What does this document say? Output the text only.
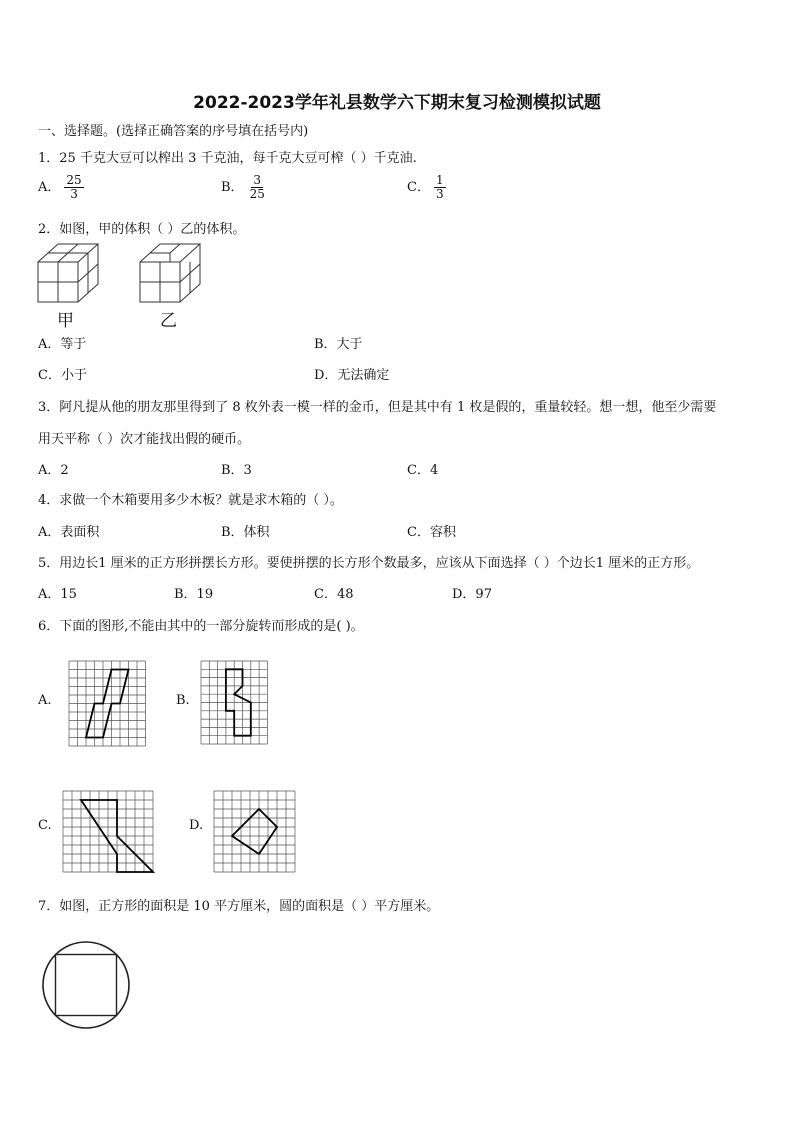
2022-2023学年礼县数学六下期末复习检测模拟试题
一、选择题。(选择正确答案的序号填在括号内)
1．25 千克大豆可以榨出 3 千克油，每千克大豆可榨（ ）千克油.
A． $\frac{25}{3}$	B． $\frac{3}{25}$	C． $\frac{1}{3}$
2．如图，甲的体积（ ）乙的体积。
甲	乙
A．等于	B．大于
C．小于	D．无法确定
3．阿凡提从他的朋友那里得到了 8 枚外表一模一样的金币，但是其中有 1 枚是假的，重量较轻。想一想，他至少需要
用天平称（ ）次才能找出假的硬币。
A．2	B．3	C．4
4．求做一个木箱要用多少木板？就是求木箱的（ ）。
A．表面积	B．体积	C．容积
5．用边长1 厘米的正方形拼摆长方形。要使拼摆的长方形个数最多，应该从下面选择（ ）个边长1 厘米的正方形。
A．15	B．19	C．48	D．97
6．下面的图形,不能由其中的一部分旋转而形成的是( )。
A.	B.
C.	D.
7．如图，正方形的面积是 10 平方厘米，圆的面积是（ ）平方厘米。
